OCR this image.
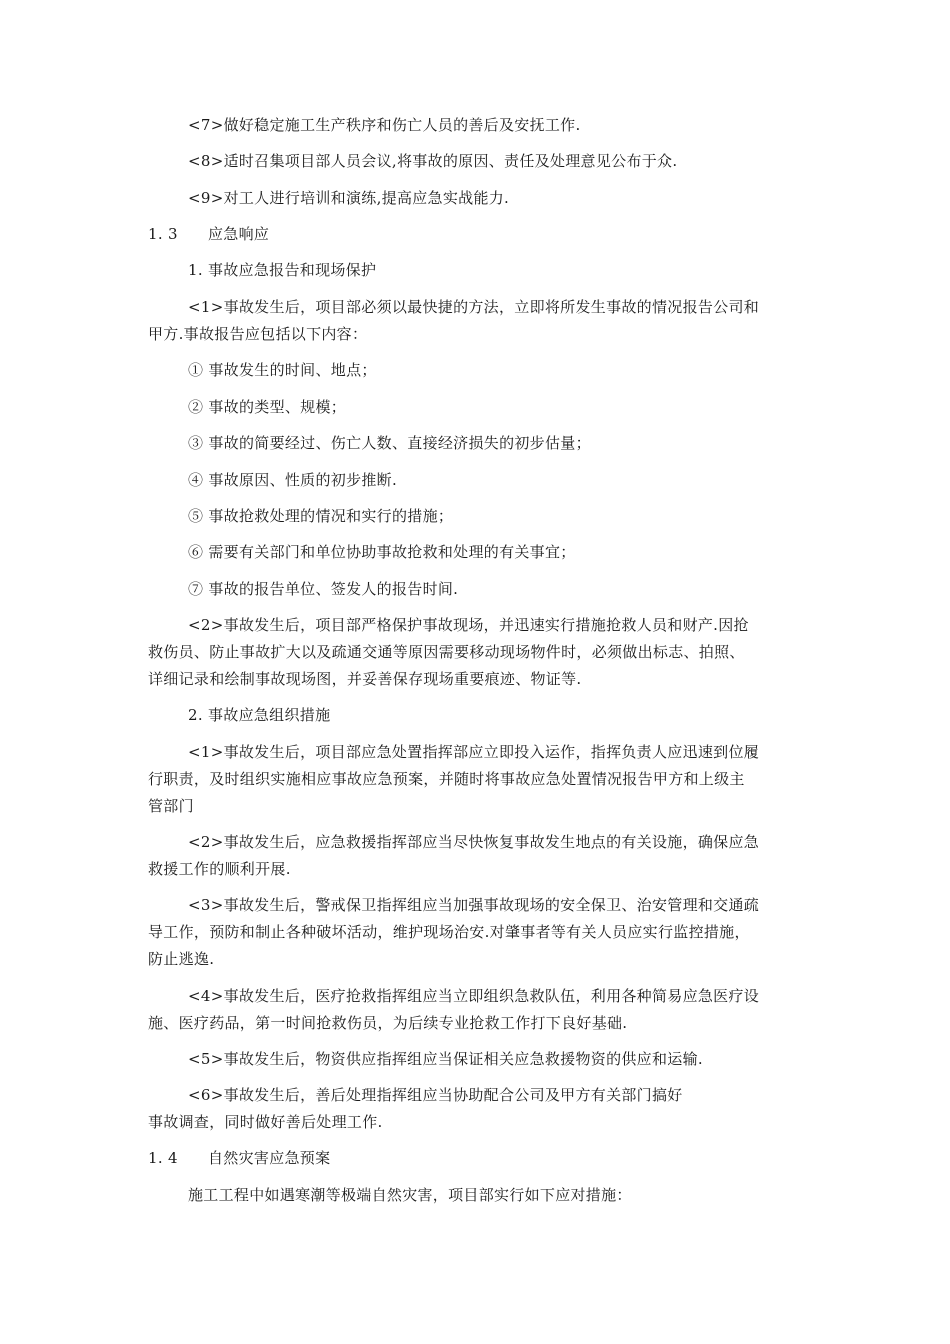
<7>做好稳定施工生产秩序和伤亡人员的善后及安抚工作.
<8>适时召集项目部人员会议,将事故的原因、责任及处理意见公布于众.
<9>对工人进行培训和演练,提高应急实战能力.
1. 3 应急响应
1. 事故应急报告和现场保护
<1>事故发生后，项目部必须以最快捷的方法，立即将所发生事故的情况报告公司和
甲方.事故报告应包括以下内容：
① 事故发生的时间、地点；
② 事故的类型、规模；
③ 事故的简要经过、伤亡人数、直接经济损失的初步估量；
④ 事故原因、性质的初步推断.
⑤ 事故抢救处理的情况和实行的措施；
⑥ 需要有关部门和单位协助事故抢救和处理的有关事宜；
⑦ 事故的报告单位、签发人的报告时间.
<2>事故发生后，项目部严格保护事故现场，并迅速实行措施抢救人员和财产.因抢
救伤员、防止事故扩大以及疏通交通等原因需要移动现场物件时，必须做出标志、拍照、
详细记录和绘制事故现场图，并妥善保存现场重要痕迹、物证等.
2. 事故应急组织措施
<1>事故发生后，项目部应急处置指挥部应立即投入运作，指挥负责人应迅速到位履
行职责，及时组织实施相应事故应急预案，并随时将事故应急处置情况报告甲方和上级主
管部门
<2>事故发生后，应急救援指挥部应当尽快恢复事故发生地点的有关设施，确保应急
救援工作的顺利开展.
<3>事故发生后，警戒保卫指挥组应当加强事故现场的安全保卫、治安管理和交通疏
导工作，预防和制止各种破坏活动，维护现场治安.对肇事者等有关人员应实行监控措施，
防止逃逸.
<4>事故发生后，医疗抢救指挥组应当立即组织急救队伍，利用各种简易应急医疗设
施、医疗药品，第一时间抢救伤员，为后续专业抢救工作打下良好基础.
<5>事故发生后，物资供应指挥组应当保证相关应急救援物资的供应和运输.
<6>事故发生后，善后处理指挥组应当协助配合公司及甲方有关部门搞好
事故调查，同时做好善后处理工作.
1. 4 自然灾害应急预案
施工工程中如遇寒潮等极端自然灾害，项目部实行如下应对措施：
